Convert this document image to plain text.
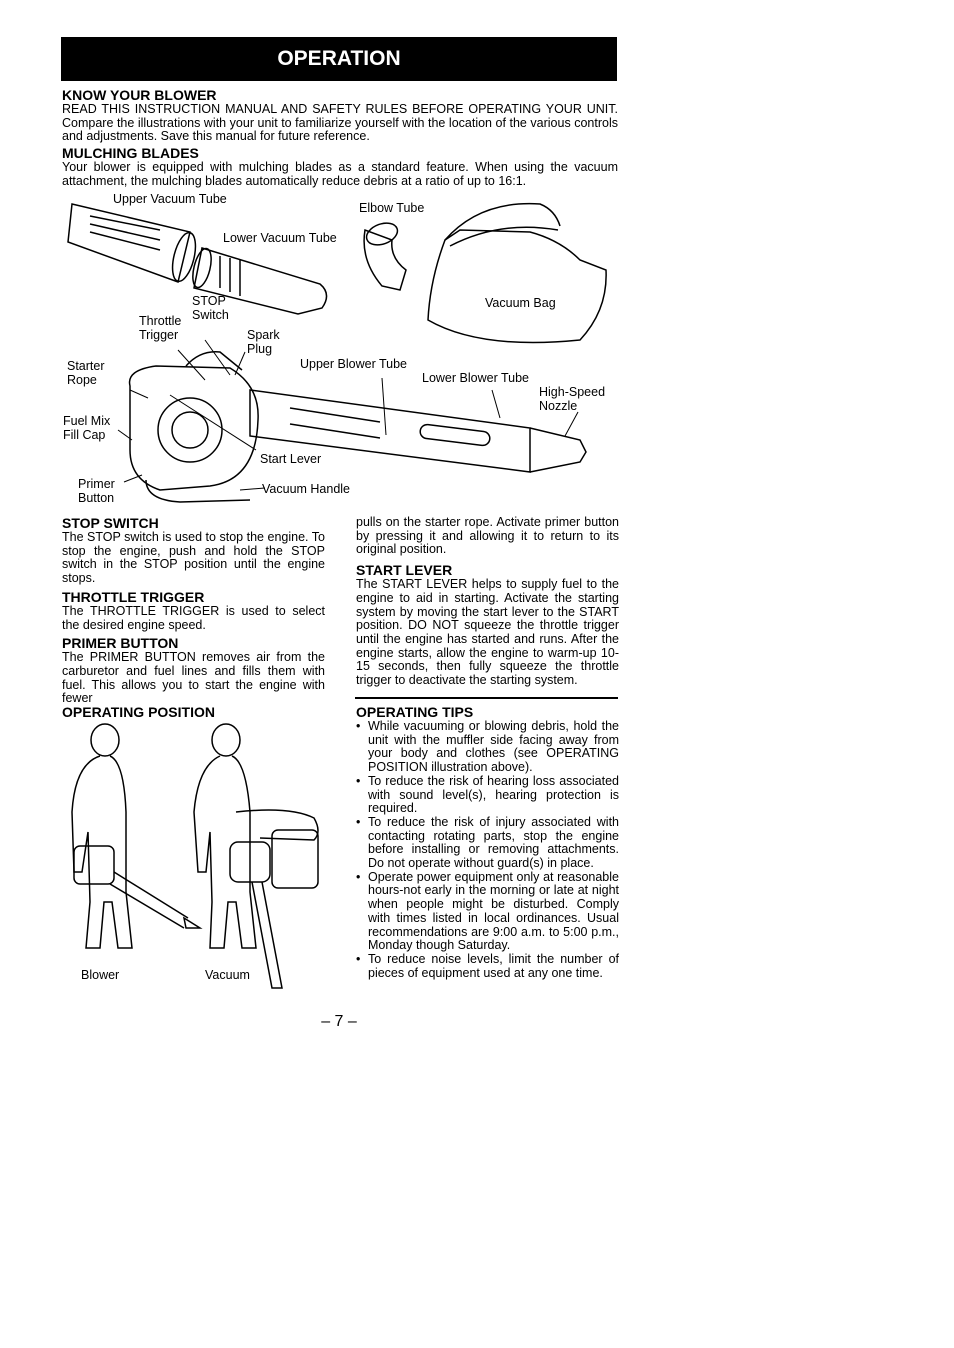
OPERATION

KNOW YOUR BLOWER

READ THIS INSTRUCTION MANUAL AND SAFETY RULES BEFORE OPERATING YOUR UNIT. Compare the illustrations with your unit to familiarize yourself with the location of the various controls and adjustments. Save this manual for future reference.

MULCHING BLADES

Your blower is equipped with mulching blades as a standard feature. When using the vacuum attachment, the mulching blades automatically reduce debris at a ratio of up to 16:1.

Upper Vacuum Tube
Lower Vacuum Tube
Elbow Tube
Vacuum Bag
STOP
Switch
Throttle
Trigger	Spark
Plug
Starter
Rope
Upper Blower Tube
Lower Blower Tube
High-Speed
Nozzle
Fuel Mix
Fill Cap
Start Lever
Primer
Button
Vacuum Handle

STOP SWITCH

The STOP switch is used to stop the engine. To stop the engine, push and hold the STOP switch in the STOP position until the engine stops.

THROTTLE TRIGGER

The THROTTLE TRIGGER is used to select the desired engine speed.

PRIMER BUTTON

The PRIMER BUTTON removes air from the carburetor and fuel lines and fills them with fuel. This allows you to start the engine with fewer

pulls on the starter rope. Activate primer button by pressing it and allowing it to return to its original position.

START LEVER

The START LEVER helps to supply fuel to the engine to aid in starting. Activate the starting system by moving the start lever to the START position. DO NOT squeeze the throttle trigger until the engine has started and runs. After the engine starts, allow the engine to warm-up 10-15 seconds, then fully squeeze the throttle trigger to deactivate the starting system.

OPERATING POSITION

Blower	Vacuum

OPERATING TIPS

• While vacuuming or blowing debris, hold the unit with the muffler side facing away from your body and clothes (see OPERATING POSITION illustration above).
• To reduce the risk of hearing loss associated with sound level(s), hearing protection is required.
• To reduce the risk of injury associated with contacting rotating parts, stop the engine before installing or removing attachments. Do not operate without guard(s) in place.
• Operate power equipment only at reasonable hours-not early in the morning or late at night when people might be disturbed. Comply with times listed in local ordinances. Usual recommendations are 9:00 a.m. to 5:00 p.m., Monday though Saturday.
• To reduce noise levels, limit the number of pieces of equipment used at any one time.
– 7 –
